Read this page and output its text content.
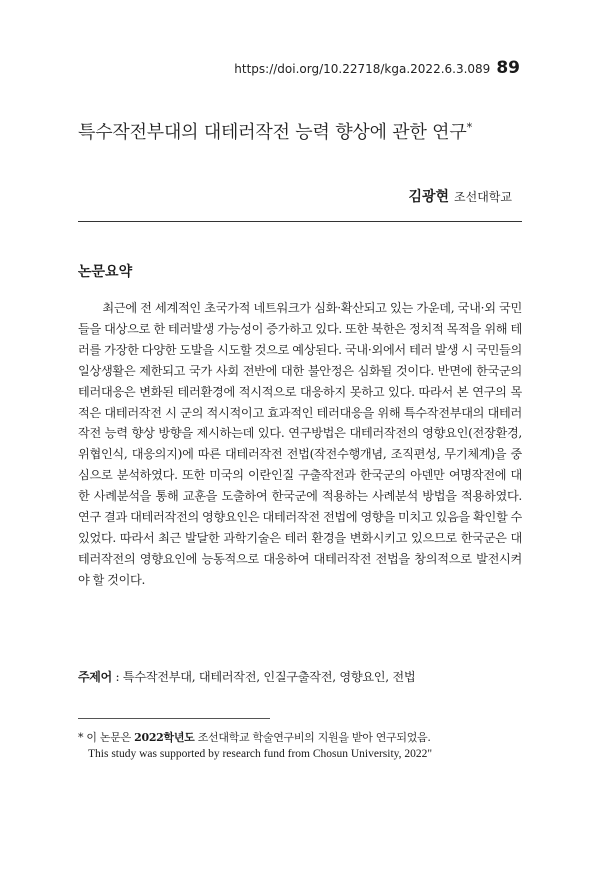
https://doi.org/10.22718/kga.2022.6.3.089 89
특수작전부대의 대테러작전 능력 향상에 관한 연구*
김광현 조선대학교
논문요약
최근에 전 세계적인 초국가적 네트워크가 심화·확산되고 있는 가운데, 국내·외 국민들을 대상으로 한 테러발생 가능성이 증가하고 있다. 또한 북한은 정치적 목적을 위해 테러를 가장한 다양한 도발을 시도할 것으로 예상된다. 국내·외에서 테러 발생 시 국민들의 일상생활은 제한되고 국가 사회 전반에 대한 불안정은 심화될 것이다. 반면에 한국군의 테러대응은 변화된 테러환경에 적시적으로 대응하지 못하고 있다. 따라서 본 연구의 목적은 대테러작전 시 군의 적시적이고 효과적인 테러대응을 위해 특수작전부대의 대테러작전 능력 향상 방향을 제시하는데 있다. 연구방법은 대테러작전의 영향요인(전장환경, 위협인식, 대응의지)에 따른 대테러작전 전법(작전수행개념, 조직편성, 무기체계)을 중심으로 분석하였다. 또한 미국의 이란인질 구출작전과 한국군의 아덴만 여명작전에 대한 사례분석을 통해 교훈을 도출하여 한국군에 적용하는 사례분석 방법을 적용하였다. 연구 결과 대테러작전의 영향요인은 대테러작전 전법에 영향을 미치고 있음을 확인할 수 있었다. 따라서 최근 발달한 과학기술은 테러 환경을 변화시키고 있으므로 한국군은 대테러작전의 영향요인에 능동적으로 대응하여 대테러작전 전법을 창의적으로 발전시켜야 할 것이다.
주제어 : 특수작전부대, 대테러작전, 인질구출작전, 영향요인, 전법
* 이 논문은 2022학년도 조선대학교 학술연구비의 지원을 받아 연구되었음.
This study was supported by research fund from Chosun University, 2022"
